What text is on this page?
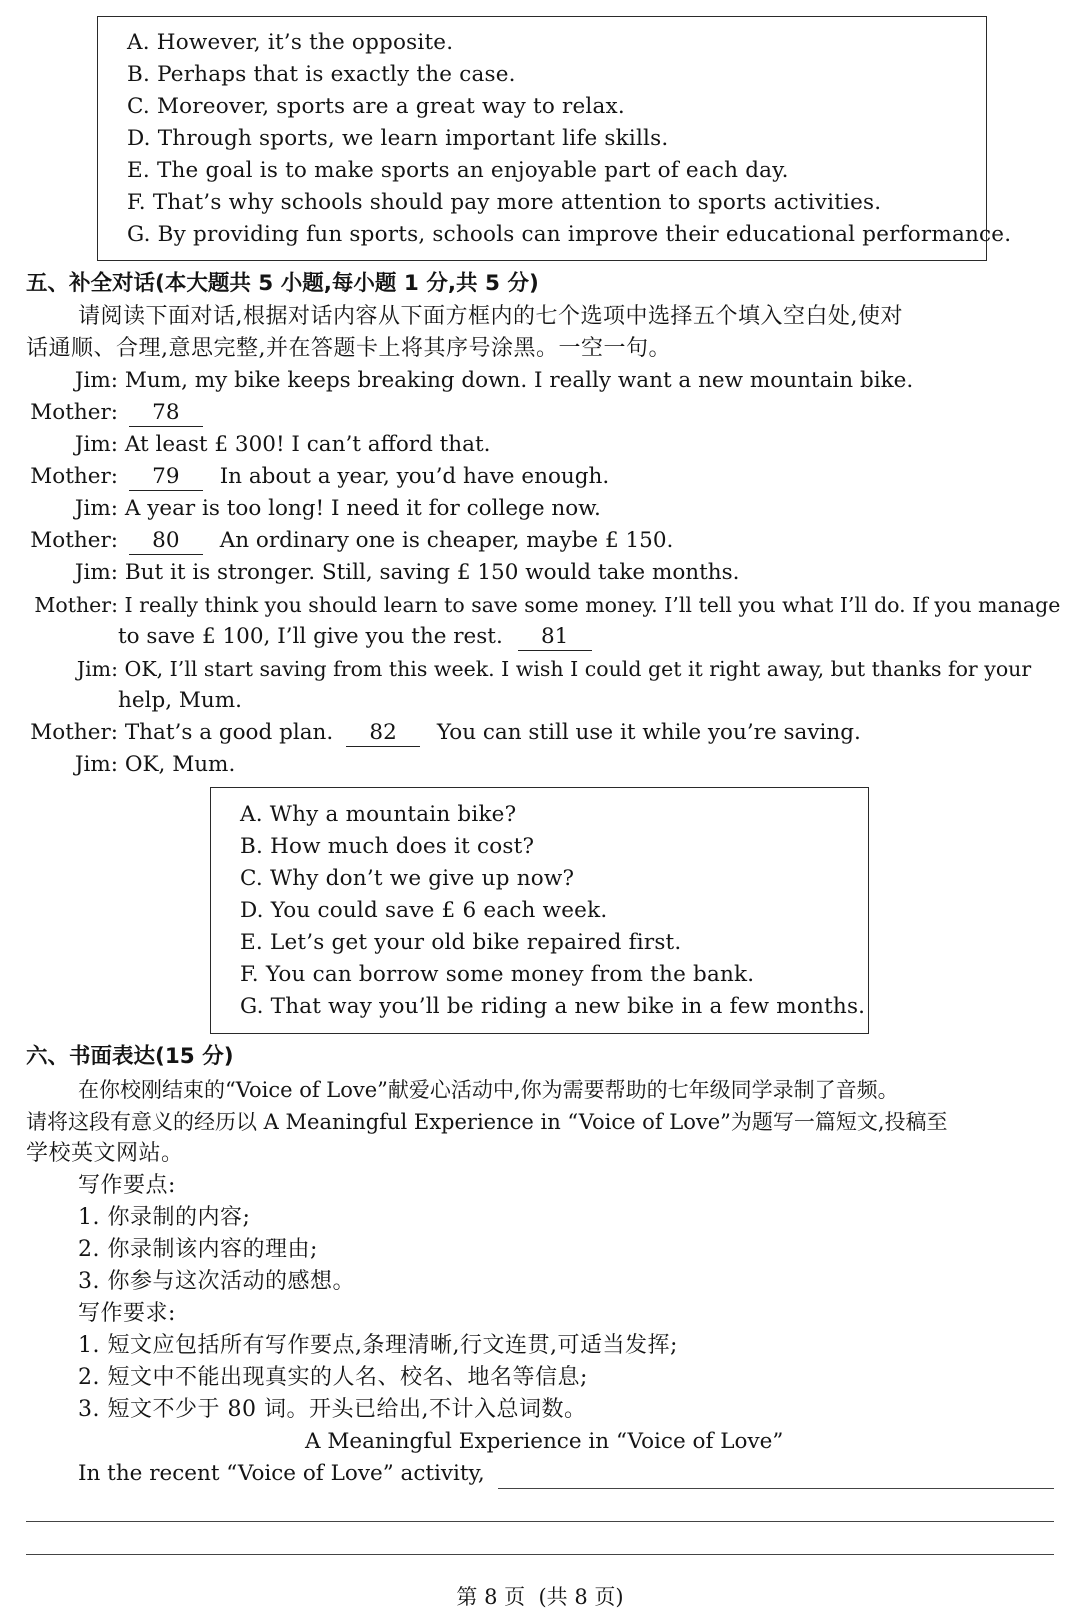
A. However, it’s the opposite.
B. Perhaps that is exactly the case.
C. Moreover, sports are a great way to relax.
D. Through sports, we learn important life skills.
E. The goal is to make sports an enjoyable part of each day.
F. That’s why schools should pay more attention to sports activities.
G. By providing fun sports, schools can improve their educational performance.
五、补全对话(本大题共 5 小题,每小题 1 分,共 5 分)
请阅读下面对话,根据对话内容从下面方框内的七个选项中选择五个填入空白处,使对
话通顺、合理,意思完整,并在答题卡上将其序号涂黑。一空一句。
Jim: Mum, my bike keeps breaking down. I really want a new mountain bike.
Mother: 78
Jim: At least £ 300! I can’t afford that.
Mother: 79 In about a year, you’d have enough.
Jim: A year is too long! I need it for college now.
Mother: 80 An ordinary one is cheaper, maybe £ 150.
Jim: But it is stronger. Still, saving £ 150 would take months.
Mother: I really think you should learn to save some money. I’ll tell you what I’ll do. If you manage
to save £ 100, I’ll give you the rest. 81
Jim: OK, I’ll start saving from this week. I wish I could get it right away, but thanks for your
help, Mum.
Mother: That’s a good plan. 82 You can still use it while you’re saving.
Jim: OK, Mum.
A. Why a mountain bike?
B. How much does it cost?
C. Why don’t we give up now?
D. You could save £ 6 each week.
E. Let’s get your old bike repaired first.
F. You can borrow some money from the bank.
G. That way you’ll be riding a new bike in a few months.
六、书面表达(15 分)
在你校刚结束的“Voice of Love”献爱心活动中,你为需要帮助的七年级同学录制了音频。
请将这段有意义的经历以 A Meaningful Experience in “Voice of Love”为题写一篇短文,投稿至
学校英文网站。
写作要点:
1. 你录制的内容;
2. 你录制该内容的理由;
3. 你参与这次活动的感想。
写作要求:
1. 短文应包括所有写作要点,条理清晰,行文连贯,可适当发挥;
2. 短文中不能出现真实的人名、校名、地名等信息;
3. 短文不少于 80 词。开头已给出,不计入总词数。
A Meaningful Experience in “Voice of Love”
In the recent “Voice of Love” activity,
第 8 页  (共 8 页)
